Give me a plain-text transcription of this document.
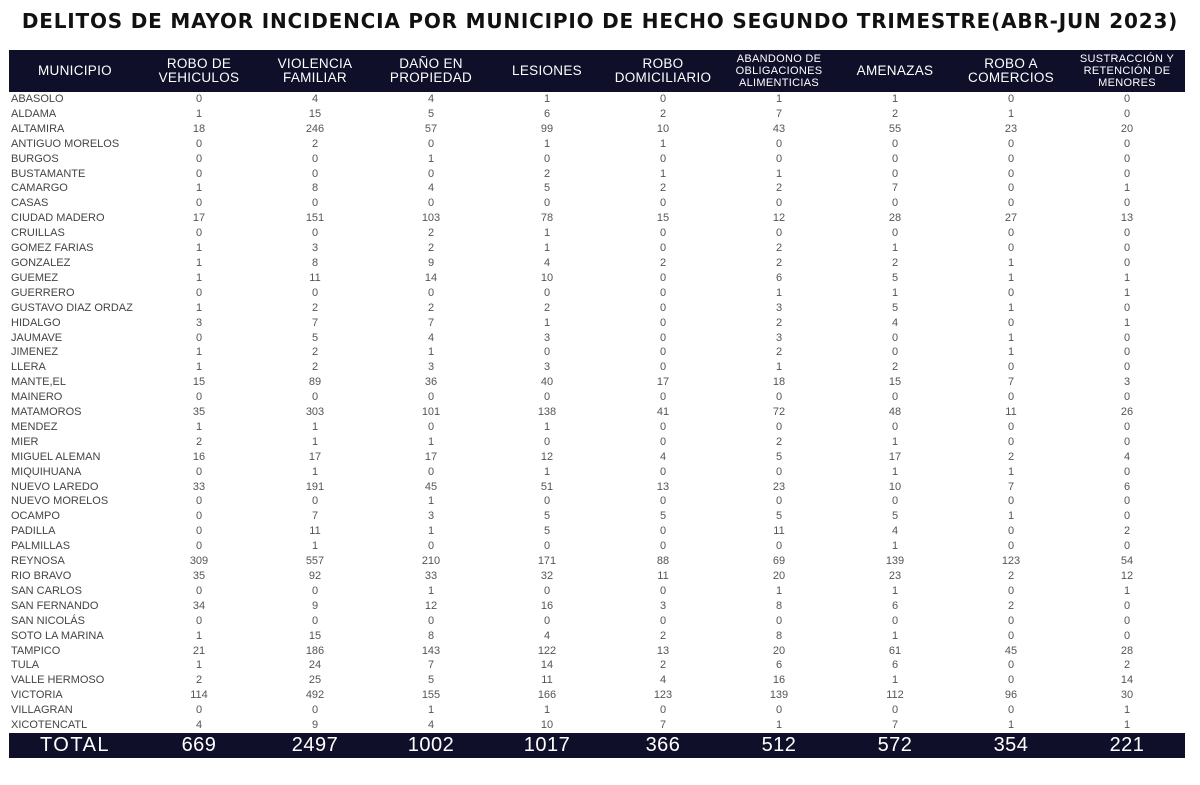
DELITOS DE MAYOR INCIDENCIA POR MUNICIPIO DE HECHO SEGUNDO TRIMESTRE(ABR-JUN 2023)
MUNICIPIO	ROBO DE VEHICULOS	VIOLENCIA FAMILIAR	DAÑO EN PROPIEDAD	LESIONES	ROBO DOMICILIARIO	ABANDONO DE OBLIGACIONES ALIMENTICIAS	AMENAZAS	ROBO A COMERCIOS	SUSTRACCIÓN Y RETENCIÓN DE MENORES
ABASOLO	0	4	4	1	0	1	1	0	0
ALDAMA	1	15	5	6	2	7	2	1	0
ALTAMIRA	18	246	57	99	10	43	55	23	20
ANTIGUO MORELOS	0	2	0	1	1	0	0	0	0
BURGOS	0	0	1	0	0	0	0	0	0
BUSTAMANTE	0	0	0	2	1	1	0	0	0
CAMARGO	1	8	4	5	2	2	7	0	1
CASAS	0	0	0	0	0	0	0	0	0
CIUDAD MADERO	17	151	103	78	15	12	28	27	13
CRUILLAS	0	0	2	1	0	0	0	0	0
GOMEZ FARIAS	1	3	2	1	0	2	1	0	0
GONZALEZ	1	8	9	4	2	2	2	1	0
GUEMEZ	1	11	14	10	0	6	5	1	1
GUERRERO	0	0	0	0	0	1	1	0	1
GUSTAVO DIAZ ORDAZ	1	2	2	2	0	3	5	1	0
HIDALGO	3	7	7	1	0	2	4	0	1
JAUMAVE	0	5	4	3	0	3	0	1	0
JIMENEZ	1	2	1	0	0	2	0	1	0
LLERA	1	2	3	3	0	1	2	0	0
MANTE,EL	15	89	36	40	17	18	15	7	3
MAINERO	0	0	0	0	0	0	0	0	0
MATAMOROS	35	303	101	138	41	72	48	11	26
MENDEZ	1	1	0	1	0	0	0	0	0
MIER	2	1	1	0	0	2	1	0	0
MIGUEL ALEMAN	16	17	17	12	4	5	17	2	4
MIQUIHUANA	0	1	0	1	0	0	1	1	0
NUEVO LAREDO	33	191	45	51	13	23	10	7	6
NUEVO MORELOS	0	0	1	0	0	0	0	0	0
OCAMPO	0	7	3	5	5	5	5	1	0
PADILLA	0	11	1	5	0	11	4	0	2
PALMILLAS	0	1	0	0	0	0	1	0	0
REYNOSA	309	557	210	171	88	69	139	123	54
RIO BRAVO	35	92	33	32	11	20	23	2	12
SAN CARLOS	0	0	1	0	0	1	1	0	1
SAN FERNANDO	34	9	12	16	3	8	6	2	0
SAN NICOLÁS	0	0	0	0	0	0	0	0	0
SOTO LA MARINA	1	15	8	4	2	8	1	0	0
TAMPICO	21	186	143	122	13	20	61	45	28
TULA	1	24	7	14	2	6	6	0	2
VALLE HERMOSO	2	25	5	11	4	16	1	0	14
VICTORIA	114	492	155	166	123	139	112	96	30
VILLAGRAN	0	0	1	1	0	0	0	0	1
XICOTENCATL	4	9	4	10	7	1	7	1	1
TOTAL	669	2497	1002	1017	366	512	572	354	221
